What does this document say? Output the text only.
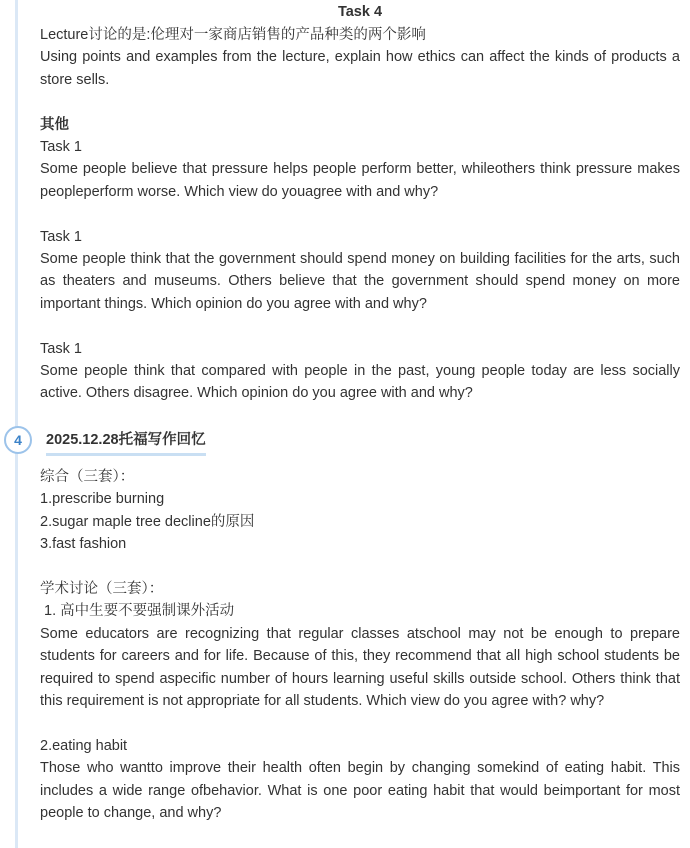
Task 4

Lecture讨论的是:伦理对一家商店销售的产品种类的两个影响

Using points and examples from the lecture, explain how ethics can affect the kinds of products a store sells.

其他

Task 1

Some people believe that pressure helps people perform better, whileothers think pressure makes peopleperform worse. Which view do youagree with and why?

Task 1

Some people think that the government should spend money on building facilities for the arts, such as theaters and museums. Others believe that the government should spend money on more important things. Which opinion do you agree with and why?

Task 1

Some people think that compared with people in the past, young people today are less socially active. Others disagree. Which opinion do you agree with and why?

4	2025.12.28托福写作回忆

综合（三套）：

1.prescribe burning

2.sugar maple tree decline的原因

3.fast fashion

学术讨论（三套）：

1. 高中生要不要强制课外活动

Some educators are recognizing that regular classes atschool may not be enough to prepare students for careers and for life. Because of this, they recommend that all high school students be required to spend aspecific number of hours learning useful skills outside school. Others think that this requirement is not appropriate for all students. Which view do you agree with? why?

2.eating habit

Those who wantto improve their health often begin by changing somekind of eating habit. This includes a wide range ofbehavior. What is one poor eating habit that would beimportant for most people to change, and why?
